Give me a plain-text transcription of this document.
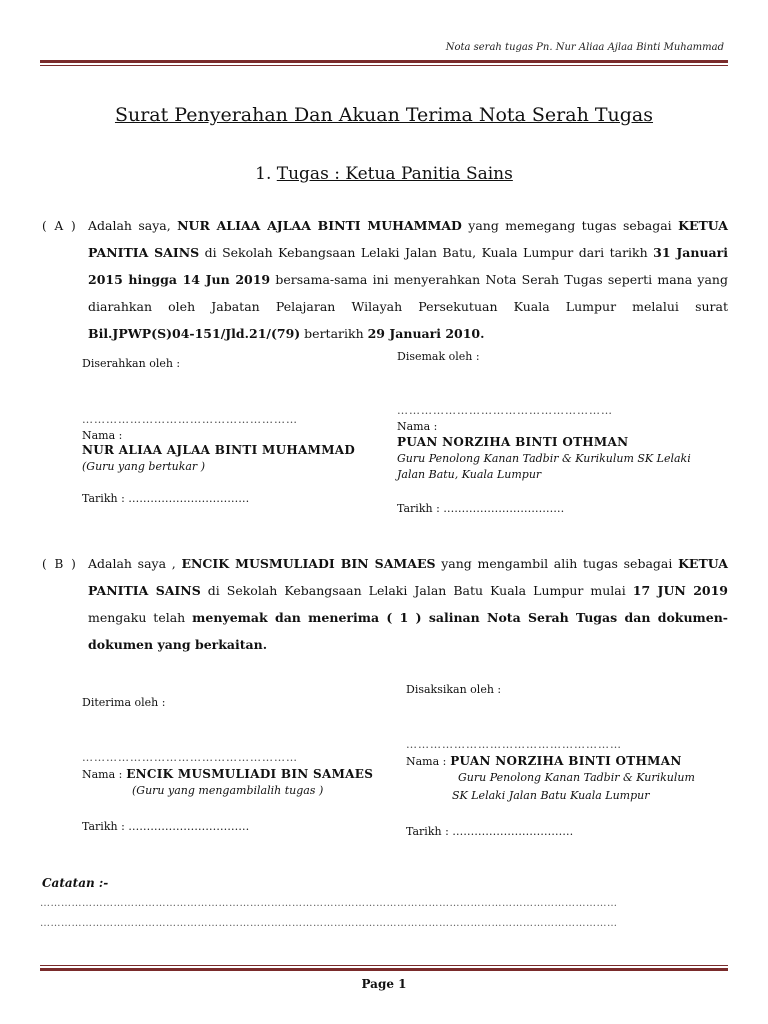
Nota serah tugas Pn. Nur Aliaa Ajlaa Binti Muhammad
Surat Penyerahan Dan Akuan Terima Nota Serah Tugas
1. Tugas : Ketua Panitia Sains
( A ) Adalah saya, NUR ALIAA AJLAA BINTI MUHAMMAD yang memegang tugas sebagai KETUA PANITIA SAINS di Sekolah Kebangsaan Lelaki Jalan Batu, Kuala Lumpur dari tarikh 31 Januari 2015 hingga 14 Jun 2019 bersama-sama ini menyerahkan Nota Serah Tugas seperti mana yang diarahkan oleh Jabatan Pelajaran Wilayah Persekutuan Kuala Lumpur melalui surat Bil.JPWP(S)04-151/Jld.21/(79) bertarikh 29 Januari 2010.
Diserahkan oleh :
………………………………………………
Nama :
NUR ALIAA AJLAA BINTI MUHAMMAD
(Guru yang bertukar )
Tarikh : ……………………………
Disemak oleh :
………………………………………………
Nama :
PUAN NORZIHA BINTI OTHMAN
Guru Penolong Kanan Tadbir & Kurikulum SK Lelaki
Jalan Batu, Kuala Lumpur
Tarikh : ……………………………
( B ) Adalah saya , ENCIK MUSMULIADI BIN SAMAES yang mengambil alih tugas sebagai KETUA PANITIA SAINS di Sekolah Kebangsaan Lelaki Jalan Batu Kuala Lumpur mulai 17 JUN 2019 mengaku telah menyemak dan menerima ( 1 ) salinan Nota Serah Tugas dan dokumen-dokumen yang berkaitan.
Diterima oleh :
………………………………………………
Nama : ENCIK MUSMULIADI BIN SAMAES
(Guru yang mengambilalih tugas )
Tarikh : ……………………………
Disaksikan oleh :
………………………………………………
Nama : PUAN NORZIHA BINTI OTHMAN
Guru Penolong Kanan Tadbir & Kurikulum
SK Lelaki Jalan Batu Kuala Lumpur
Tarikh : ……………………………
Catatan :-
…………………………………………………………………………………………………………………………………………………
…………………………………………………………………………………………………………………………………………………
Page 1
